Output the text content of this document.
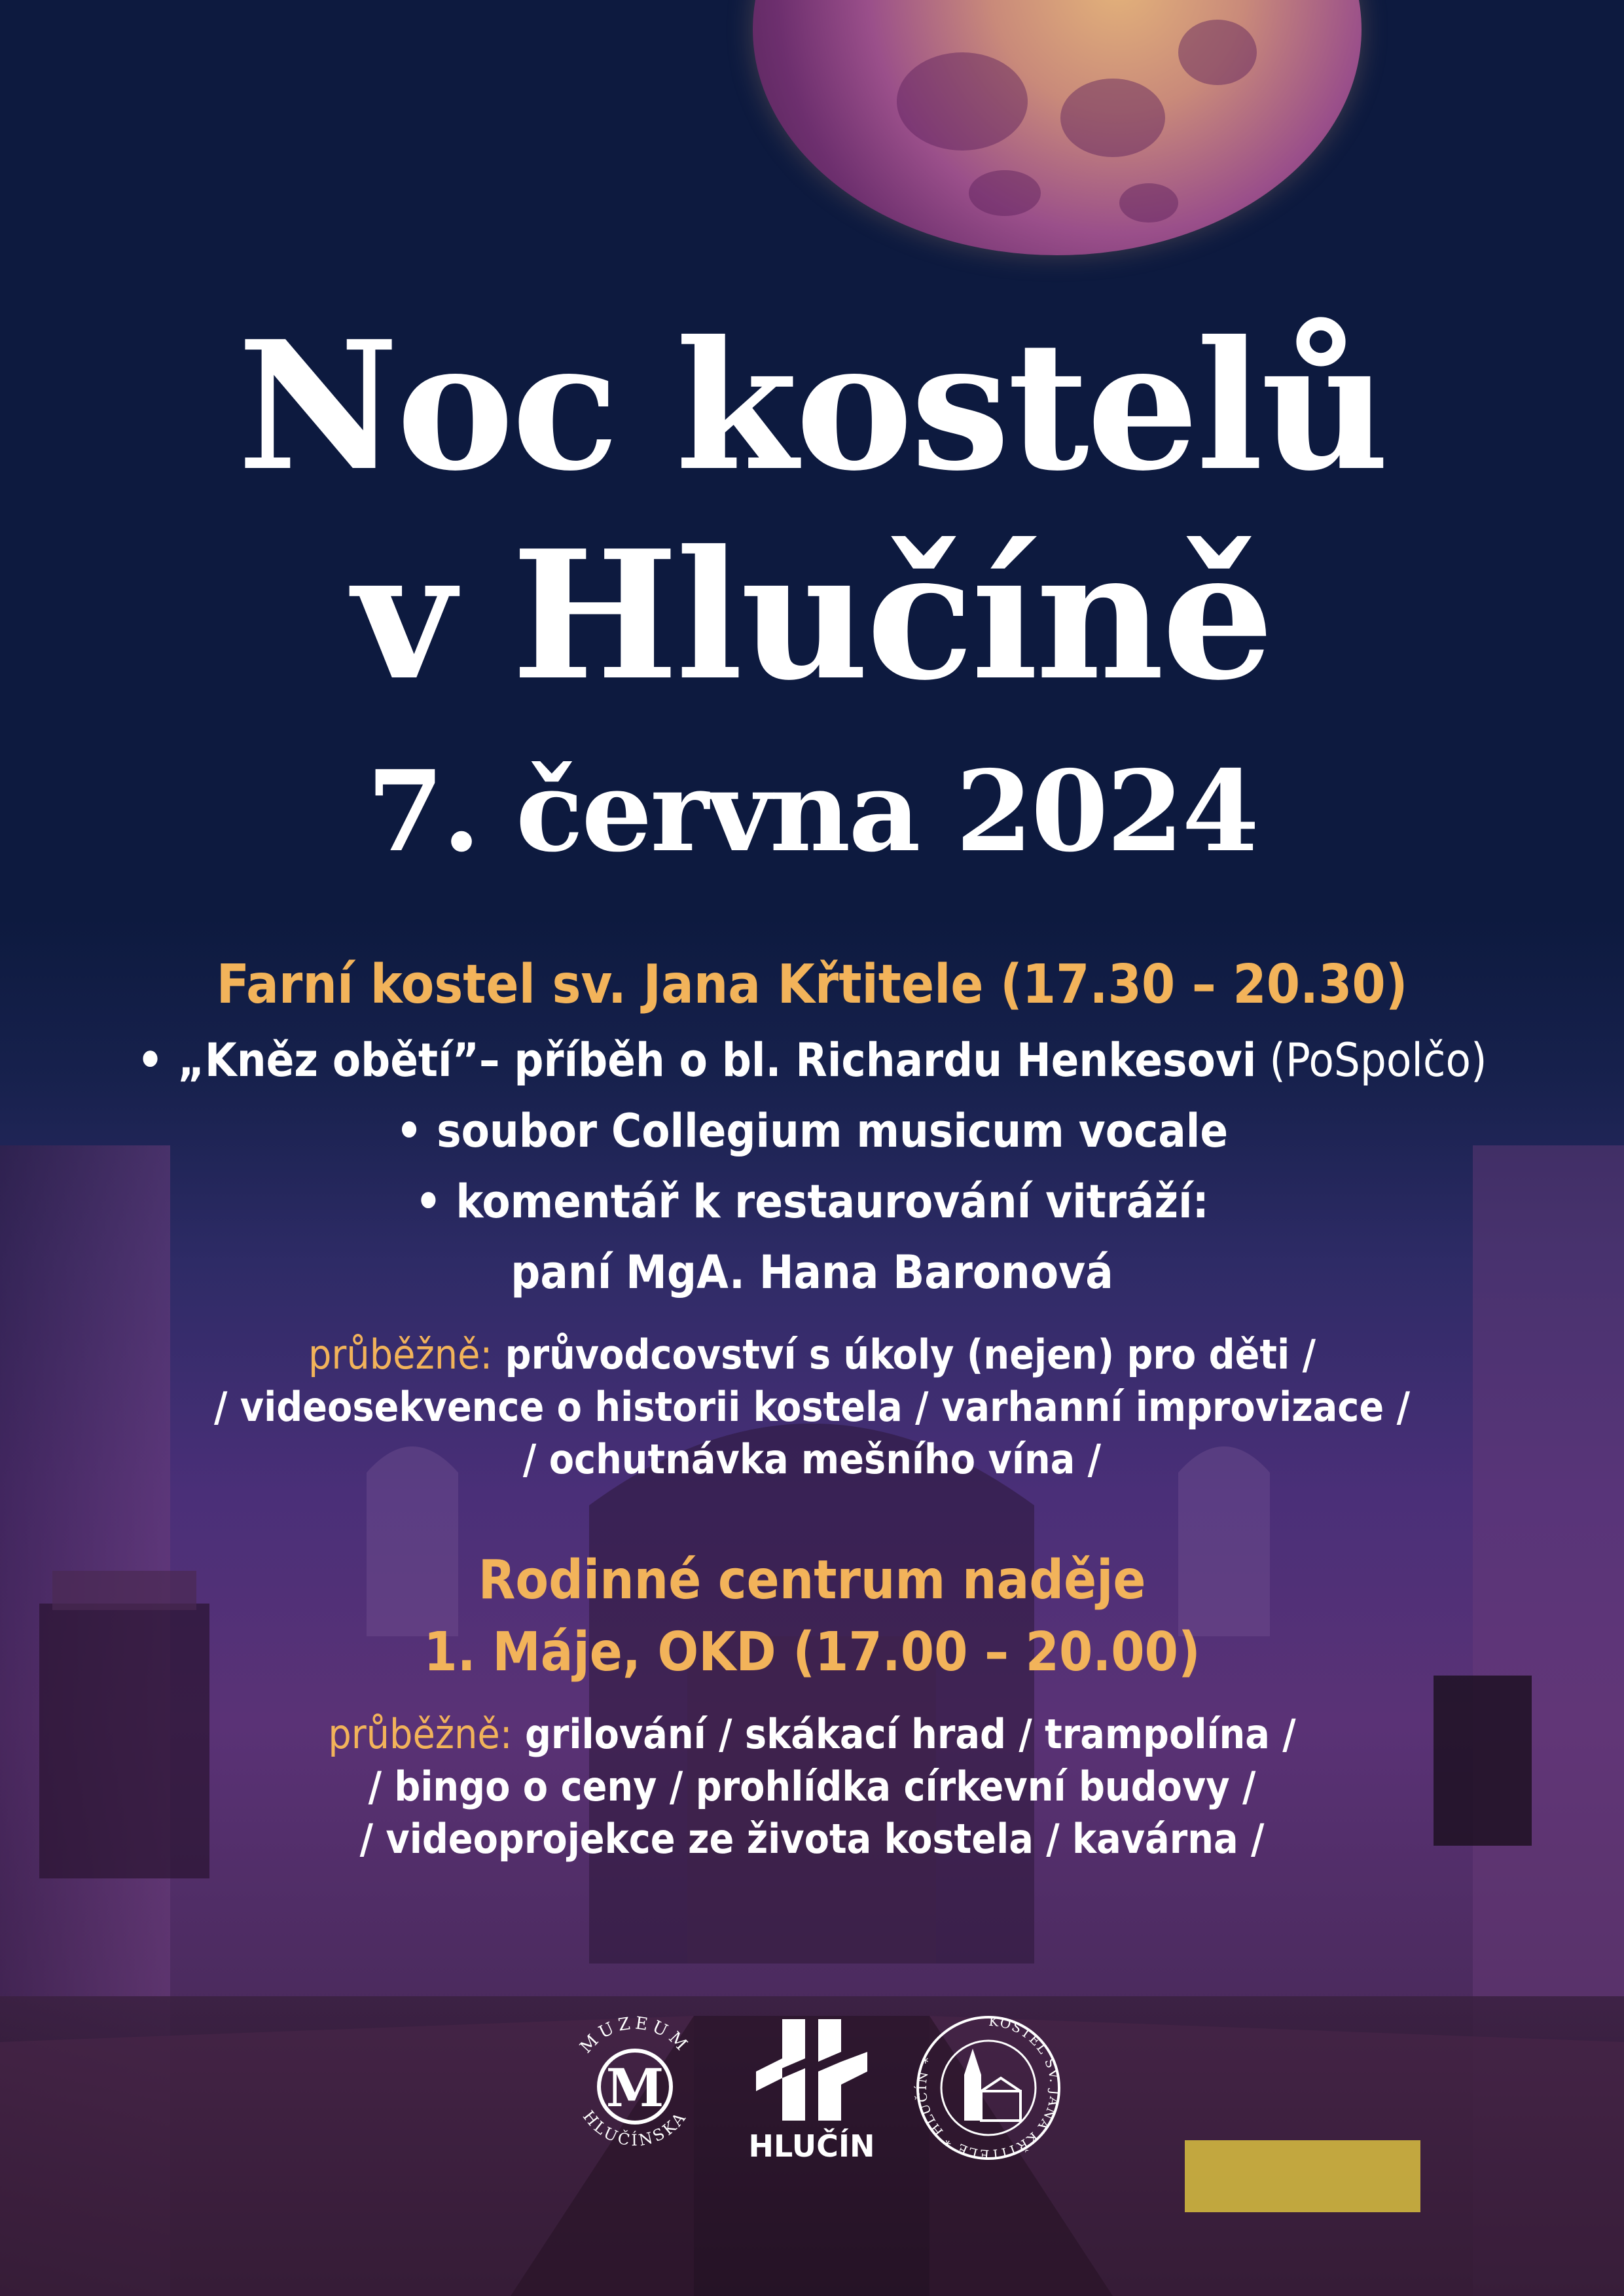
Noc kostelů
v Hlučíně
7. června 2024
Farní kostel sv. Jana Křtitele (17.30 – 20.30)
• „Kněz obětí”– příběh o bl. Richardu Henkesovi (PoSpolčo)
• soubor Collegium musicum vocale
• komentář k restaurování vitráží:
paní MgA. Hana Baronová
průběžně: průvodcovství s úkoly (nejen) pro děti /
/ videosekvence o historii kostela / varhanní improvizace /
/ ochutnávka mešního vína /
Rodinné centrum naděje
1. Máje, OKD (17.00 – 20.00)
průběžně: grilování / skákací hrad / trampolína /
/ bingo o ceny / prohlídka církevní budovy /
/ videoprojekce ze života kostela / kavárna /
MUZEUM
HLUČÍNSKA
M
HLUČÍN
KOSTEL SV. JANA KŘTITELE * HLUČÍN *
